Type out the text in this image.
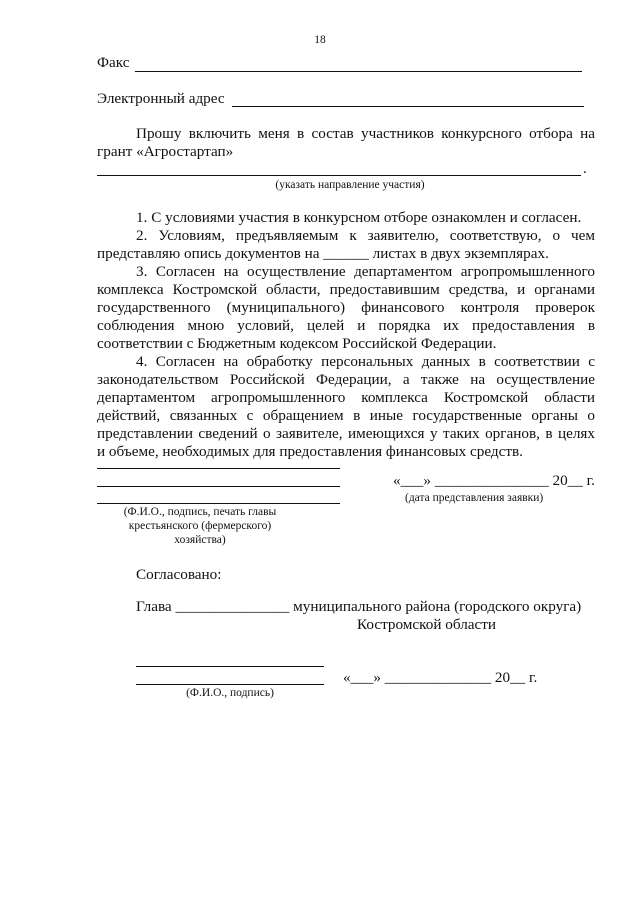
18
Факс
Электронный адрес
Прошу включить меня в состав участников конкурсного отбора на
грант «Агростартап»
.
(указать направление участия)
1. С условиями участия в конкурсном отборе ознакомлен и согласен.
2. Условиям, предъявляемым к заявителю, соответствую, о чем
представляю опись документов на ______ листах в двух экземплярах.
3. Согласен на осуществление департаментом агропромышленного
комплекса Костромской области, предоставившим средства, и органами
государственного (муниципального) финансового контроля проверок
соблюдения мною условий, целей и порядка их предоставления в
соответствии с Бюджетным кодексом Российской Федерации.
4. Согласен на обработку персональных данных в соответствии с
законодательством Российской Федерации, а также на осуществление
департаментом агропромышленного комплекса Костромской области
действий, связанных с обращением в иные государственные органы о
представлении сведений о заявителе, имеющихся у таких органов, в целях
и объеме, необходимых для предоставления финансовых средств.
(Ф.И.О., подпись, печать главы
крестьянского (фермерского)
хозяйства)
«___» _______________ 20__ г.
(дата представления заявки)
Согласовано:
Глава _______________ муниципального района (городского округа)
Костромской области
(Ф.И.О., подпись)
«___» ______________ 20__ г.
